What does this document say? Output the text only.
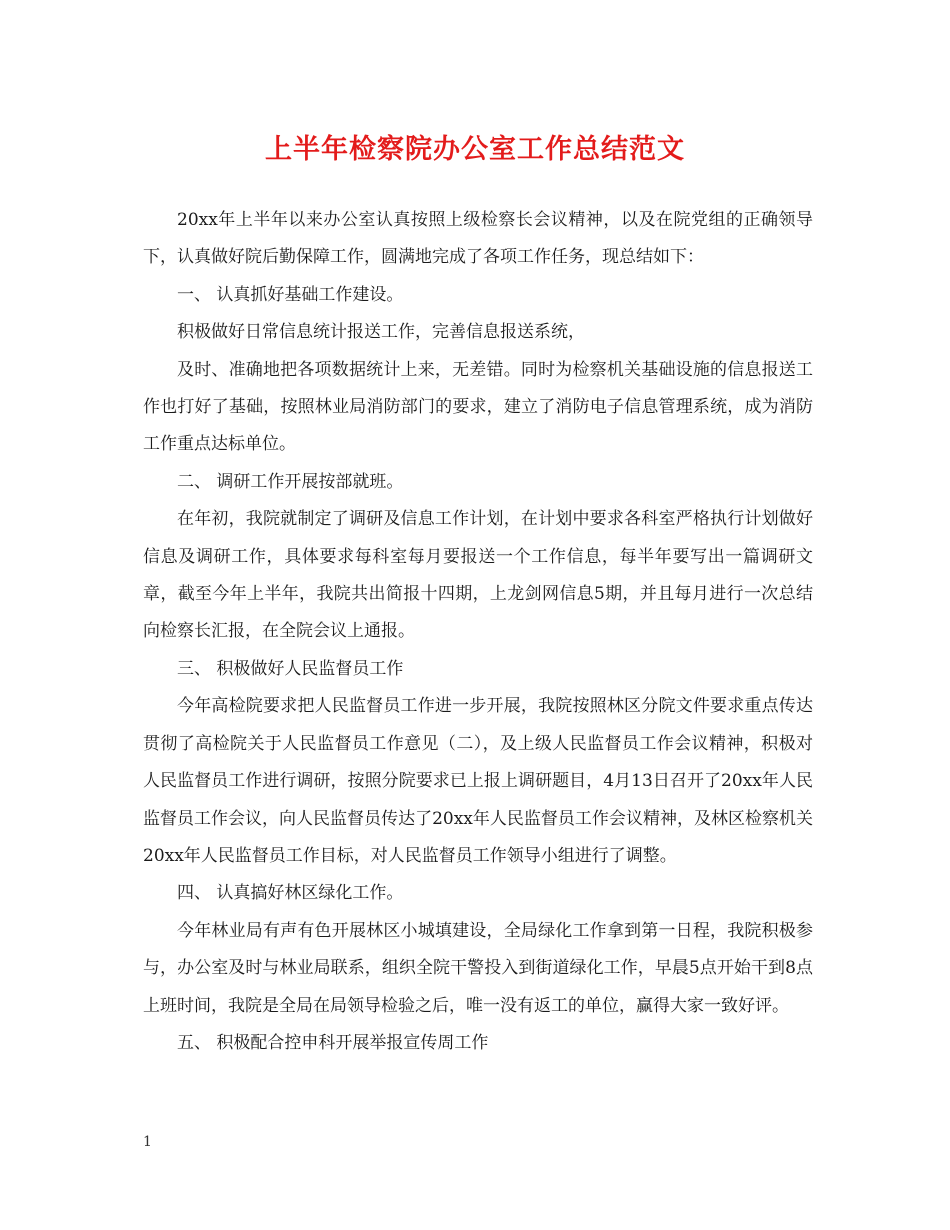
上半年检察院办公室工作总结范文

20xx年上半年以来办公室认真按照上级检察长会议精神，以及在院党组的正确领导下，认真做好院后勤保障工作，圆满地完成了各项工作任务，现总结如下：

一、 认真抓好基础工作建设。

积极做好日常信息统计报送工作，完善信息报送系统，

及时、准确地把各项数据统计上来，无差错。同时为检察机关基础设施的信息报送工作也打好了基础，按照林业局消防部门的要求，建立了消防电子信息管理系统，成为消防工作重点达标单位。

二、 调研工作开展按部就班。

在年初，我院就制定了调研及信息工作计划，在计划中要求各科室严格执行计划做好信息及调研工作，具体要求每科室每月要报送一个工作信息，每半年要写出一篇调研文章，截至今年上半年，我院共出简报十四期，上龙剑网信息5期，并且每月进行一次总结向检察长汇报，在全院会议上通报。

三、 积极做好人民监督员工作

今年高检院要求把人民监督员工作进一步开展，我院按照林区分院文件要求重点传达贯彻了高检院关于人民监督员工作意见（二），及上级人民监督员工作会议精神，积极对人民监督员工作进行调研，按照分院要求已上报上调研题目，4月13日召开了20xx年人民监督员工作会议，向人民监督员传达了20xx年人民监督员工作会议精神，及林区检察机关20xx年人民监督员工作目标，对人民监督员工作领导小组进行了调整。

四、 认真搞好林区绿化工作。

今年林业局有声有色开展林区小城填建设，全局绿化工作拿到第一日程，我院积极参与，办公室及时与林业局联系，组织全院干警投入到街道绿化工作，早晨5点开始干到8点上班时间，我院是全局在局领导检验之后，唯一没有返工的单位，赢得大家一致好评。

五、 积极配合控申科开展举报宣传周工作

1
